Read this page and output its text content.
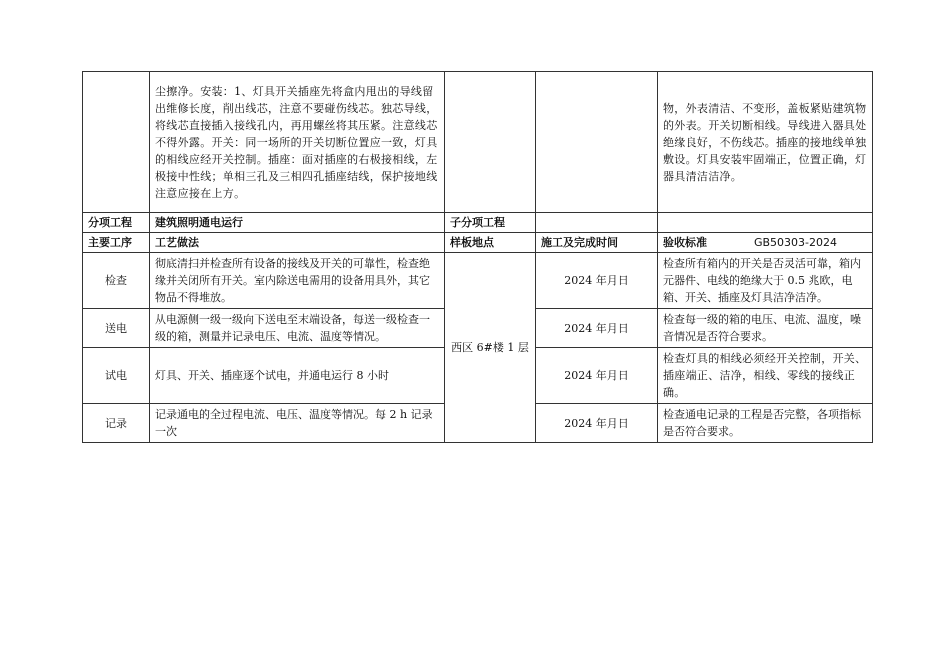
	尘擦净。安装：1、灯具开关插座先将盒内甩出的导线留出维修长度，削出线芯，注意不要碰伤线芯。独芯导线，将线芯直接插入接线孔内，再用螺丝将其压紧。注意线芯不得外露。开关：同一场所的开关切断位置应一致，灯具的相线应经开关控制。插座：面对插座的右极接相线，左极接中性线；单相三孔及三相四孔插座结线，保护接地线注意应接在上方。			物，外表清洁、不变形，盖板紧贴建筑物的外表。开关切断相线。导线进入器具处绝缘良好，不伤线芯。插座的接地线单独敷设。灯具安装牢固端正，位置正确，灯器具清洁洁净。
分项工程	建筑照明通电运行	子分项工程		
主要工序	工艺做法	样板地点	施工及完成时间	验收标准 GB50303-2024

检查	彻底清扫并检查所有设备的接线及开关的可靠性，检查绝缘并关闭所有开关。室内除送电需用的设备用具外，其它物品不得堆放。	西区 6#楼 1 层	2024 年月日	检查所有箱内的开关是否灵活可靠，箱内元器件、电线的绝缘大于 0.5 兆欧，电箱、开关、插座及灯具洁净洁净。
送电	从电源侧一级一级向下送电至末端设备，每送一级检查一级的箱，测量并记录电压、电流、温度等情况。		2024 年月日	检查每一级的箱的电压、电流、温度，噪音情况是否符合要求。
试电	灯具、开关、插座逐个试电，并通电运行 8 小时		2024 年月日	检查灯具的相线必须经开关控制，开关、插座端正、洁净，相线、零线的接线正确。
记录	记录通电的全过程电流、电压、温度等情况。每 2 h 记录一次		2024 年月日	检查通电记录的工程是否完整，各项指标是否符合要求。
